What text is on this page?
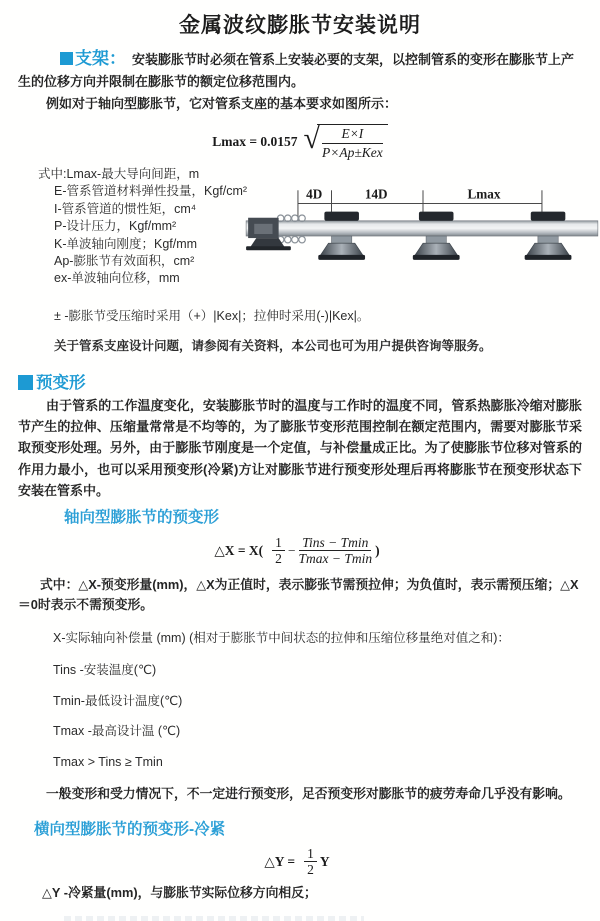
金属波纹膨胀节安装说明

支架： 安装膨胀节时必须在管系上安装必要的支架，以控制管系的变形在膨胀节上产生的位移方向并限制在膨胀节的额定位移范围内。

例如对于轴向型膨胀节，它对管系支座的基本要求如图所示：

Lmax = 0.0157 √	E×I
P×Ap±Kex
式中:Lmax-最大导向间距，m
E-管系管道材料弹性投量，Kgf/cm²
I-管系管道的惯性矩，cm⁴
P-设计压力，Kgf/mm²
K-单波轴向刚度；Kgf/mm
Ap-膨胀节有效面积，cm²
ex-单波轴向位移，mm
4D	14D	Lmax

± -膨胀节受压缩时采用（+）|Kex|；拉伸时采用(-)|Kex|。

关于管系支座设计问题，请参阅有关资料，本公司也可为用户提供咨询等服务。

预变形

由于管系的工作温度变化，安装膨胀节时的温度与工作时的温度不同，管系热膨胀冷缩对膨胀节产生的拉伸、压缩量常常是不均等的，为了膨胀节变形范围控制在额定范围内，需要对膨胀节采取预变形处理。另外，由于膨胀节刚度是一个定值，与补偿量成正比。为了使膨胀节位移对管系的作用力最小，也可以采用预变形(冷紧)方让对膨胀节进行预变形处理后再将膨胀节在预变形状态下安装在管系中。

轴向型膨胀节的预变形
△X = $X( \frac{1}{2} - \frac{\text{Tins − Tmin}}{Tmax - Tmin}$ )

式中：△X-预变形量(mm)，△X为正值时，表示膨张节需预拉伸；为负值时，表示需预压缩；△X＝0时表示不需预变形。

X-实际轴向补偿量 (mm) (相对于膨胀节中间状态的拉伸和压缩位移量绝对值之和)：

Tins -安装温度(℃)

Tmin-最低设计温度(℃)

Tmax -最高设计温 (℃)

Tmax > Tins ≥ Tmin

一般变形和受力情况下，不一定进行预变形，足否预变形对膨胀节的疲劳寿命几乎没有影响。

横向型膨胀节的预变形-冷紧
△Y = $\frac{1}{2}$ Y

△Y -冷紧量(mm)，与膨胀节实际位移方向相反；
